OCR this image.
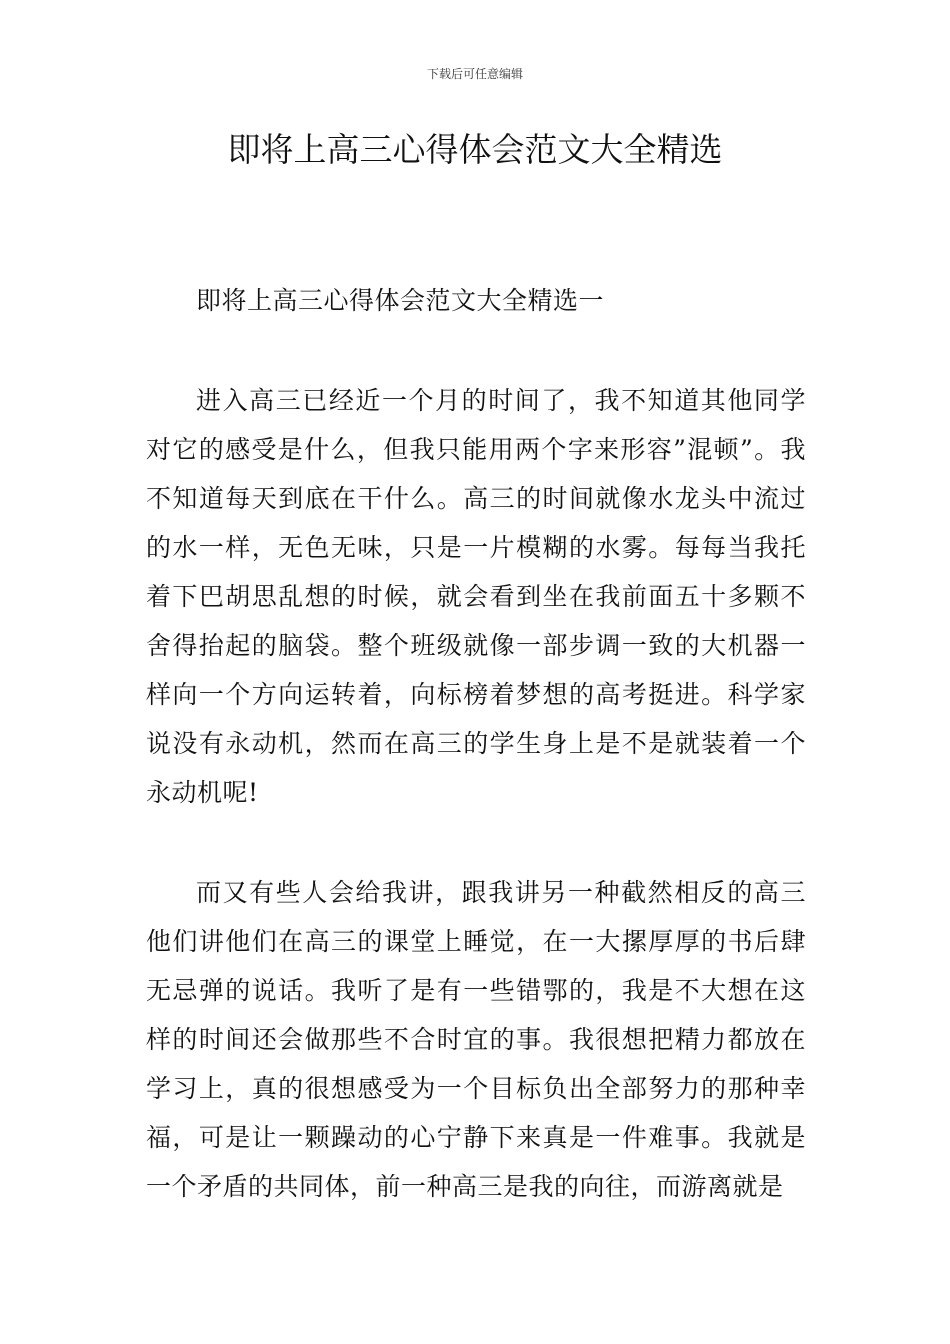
下载后可任意编辑
即将上高三心得体会范文大全精选

即将上高三心得体会范文大全精选一

进入高三已经近一个月的时间了，我不知道其他同学对它的感受是什么，但我只能用两个字来形容”混顿”。我不知道每天到底在干什么。高三的时间就像水龙头中流过的水一样，无色无味，只是一片模糊的水雾。每每当我托着下巴胡思乱想的时候，就会看到坐在我前面五十多颗不舍得抬起的脑袋。整个班级就像一部步调一致的大机器一样向一个方向运转着，向标榜着梦想的高考挺进。科学家说没有永动机，然而在高三的学生身上是不是就装着一个永动机呢!

而又有些人会给我讲，跟我讲另一种截然相反的高三他们讲他们在高三的课堂上睡觉，在一大摞厚厚的书后肆无忌弹的说话。我听了是有一些错鄂的，我是不大想在这样的时间还会做那些不合时宜的事。我很想把精力都放在学习上，真的很想感受为一个目标负出全部努力的那种幸福，可是让一颗躁动的心宁静下来真是一件难事。我就是一个矛盾的共同体，前一种高三是我的向往，而游离就是
